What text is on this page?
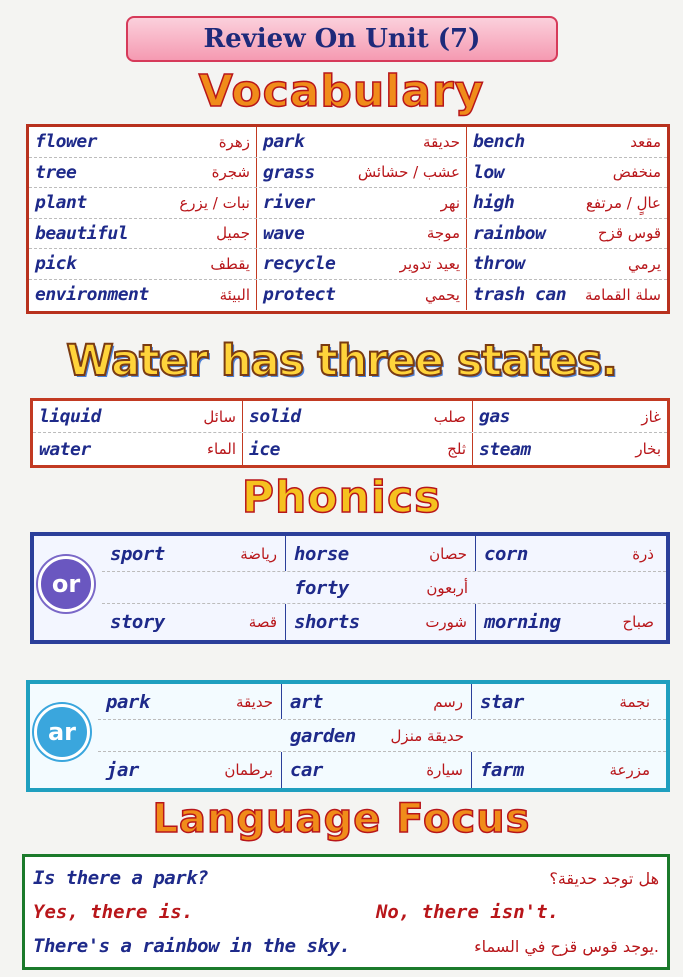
Review On Unit (7)
Vocabulary
flower	زهرة park	حديقة bench	مقعد
tree	شجرة grass	عشب / حشائش low	منخفض
plant	نبات / يزرع river	نهر high	عالٍ / مرتفع
beautiful	جميل wave	موجة rainbow	قوس قزح
pick	يقطف recycle	يعيد تدوير throw	يرمي
environment	البيئة protect	يحمي trash can سلة القمامة
Water has three states.
liquid	سائل solid	صلب gas	غاز
water	الماء ice	ثلج steam	بخار
Phonics
sport	رياضة horse	حصان corn	ذرة
forty	أربعون
story	قصة shorts	شورت morning	صباح
or
park	حديقة art	رسم star	نجمة
garden حديقة منزل
jar	برطمان car	سيارة farm	مزرعة
ar
Language Focus
Is there a park?	هل توجد حديقة؟
Yes, there is.	No, there isn't.
There's a rainbow in the sky.	يوجد قوس قزح في السماء.
